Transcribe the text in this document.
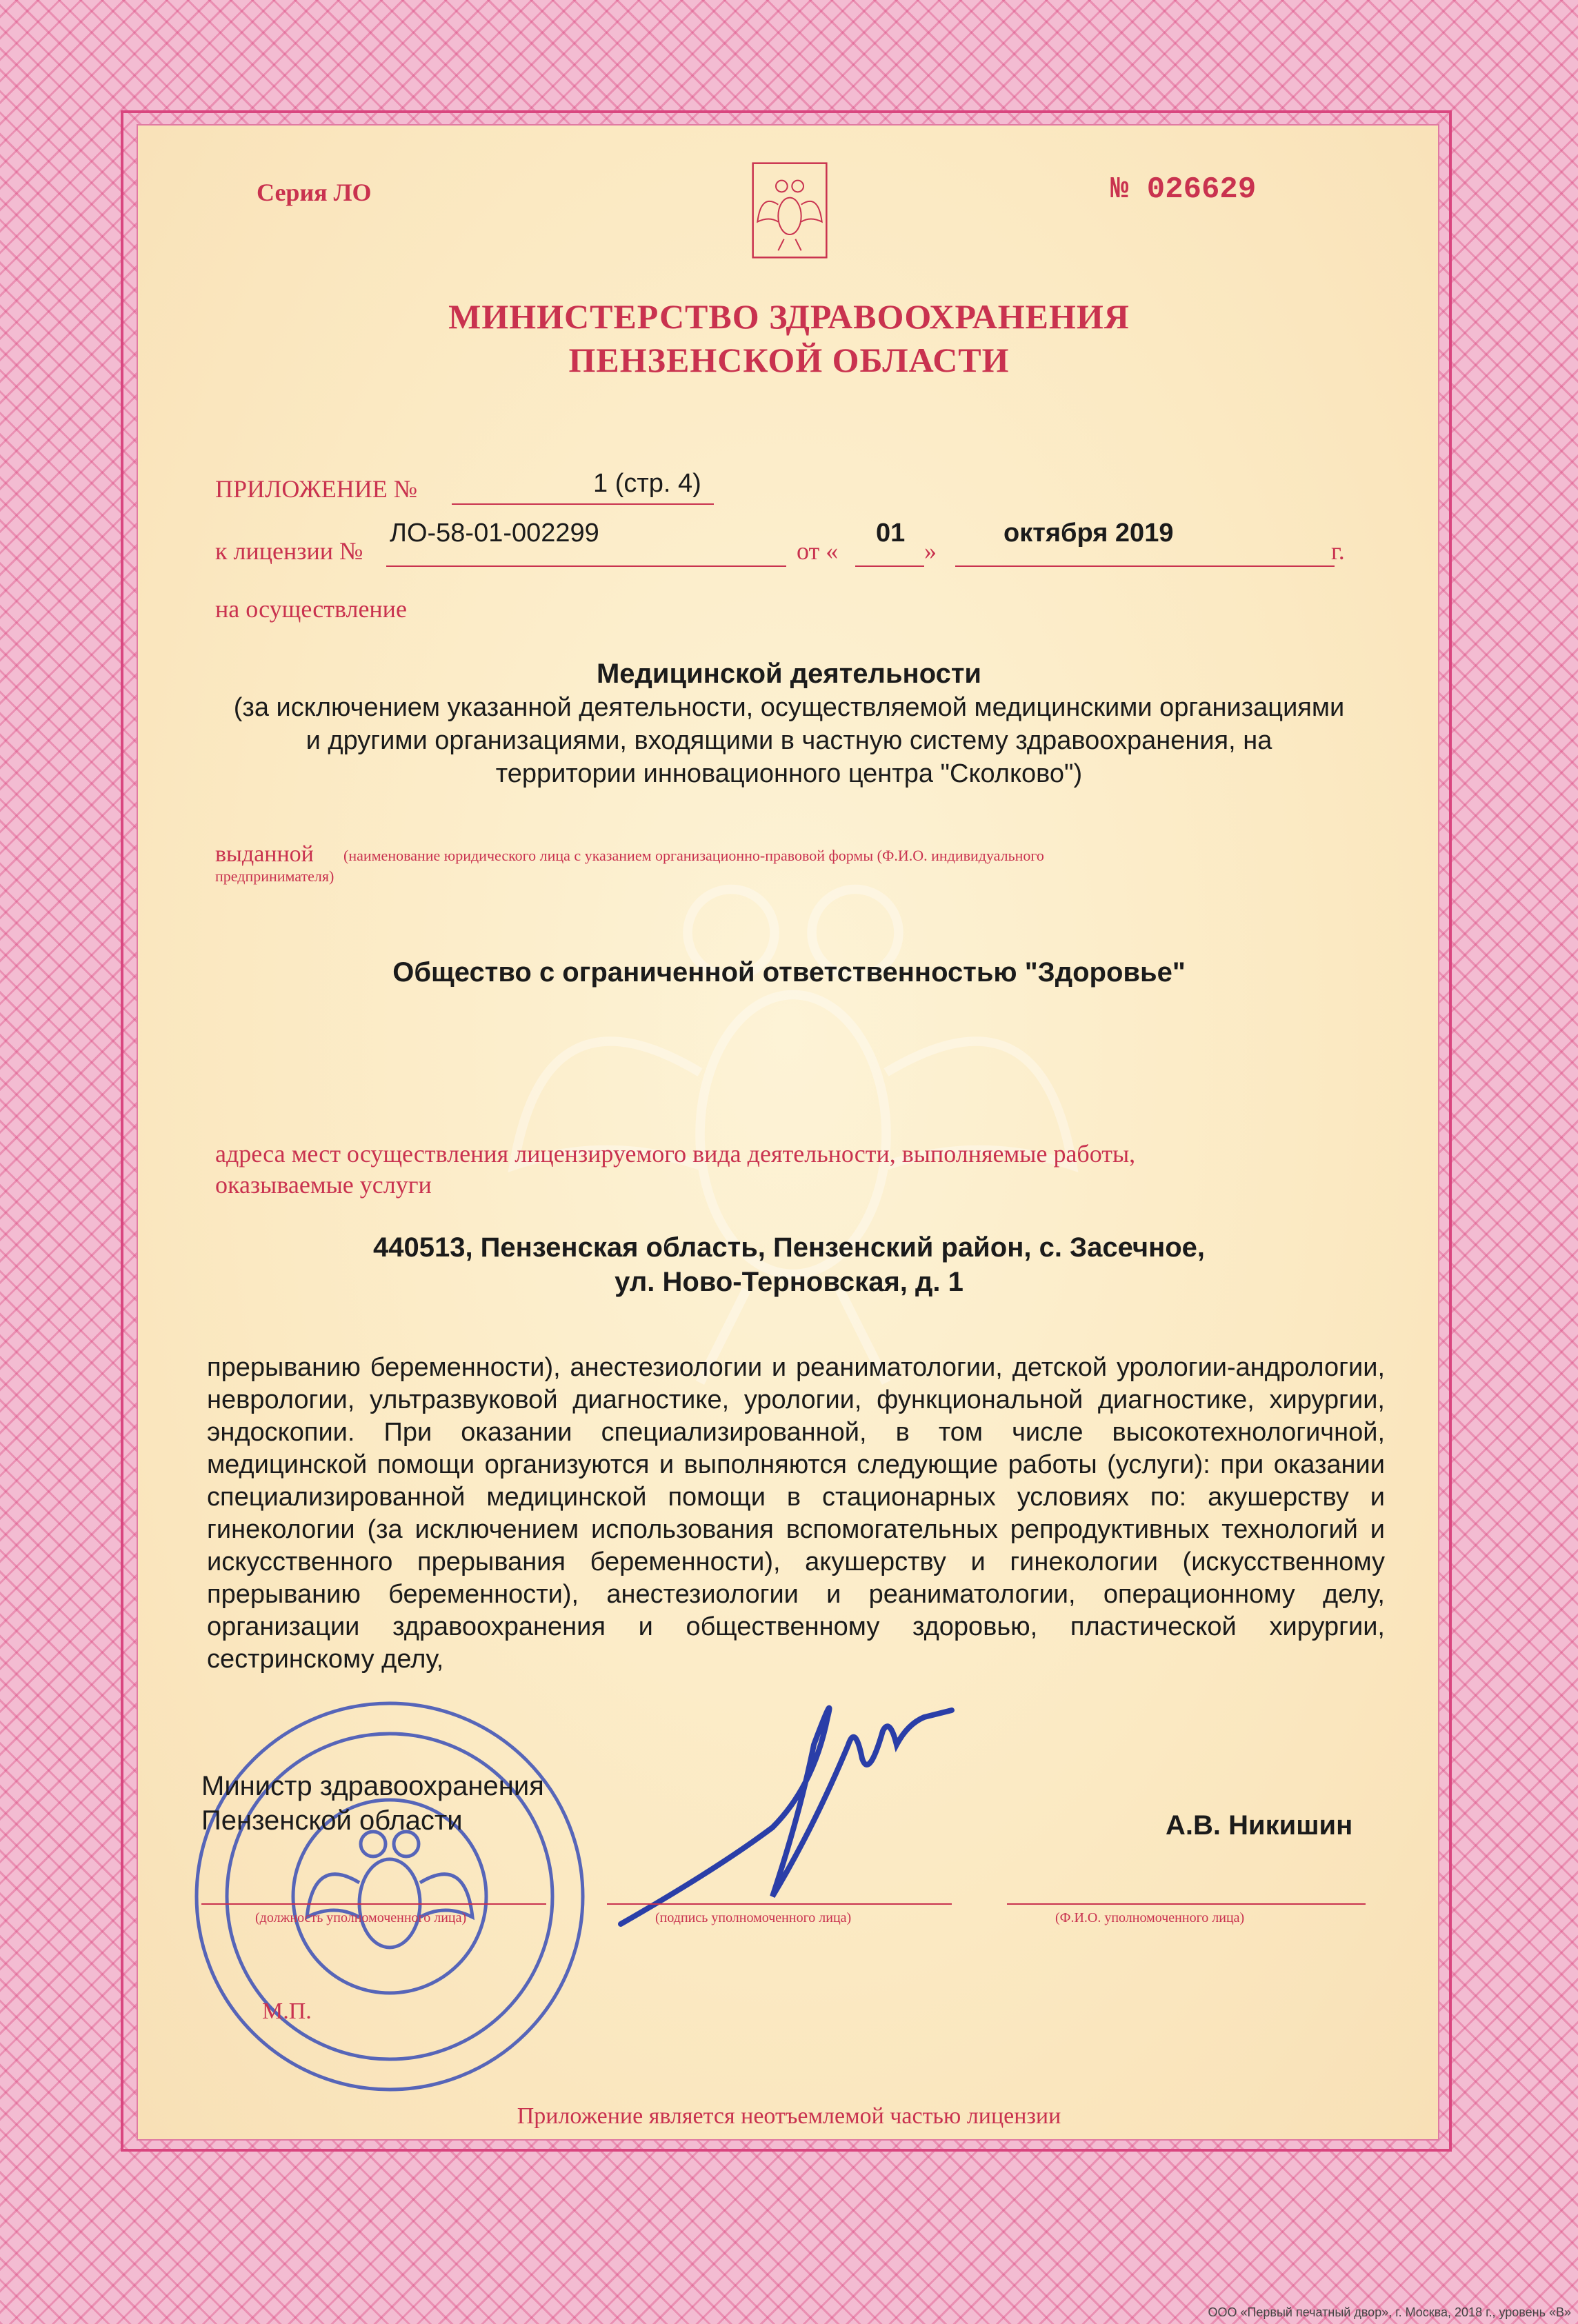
Серия ЛО	№ 026629
МИНИСТЕРСТВО ЗДРАВООХРАНЕНИЯ
ПЕНЗЕНСКОЙ ОБЛАСТИ
ПРИЛОЖЕНИЕ №	1 (стр. 4)
к лицензии №
ЛО-58-01-002299
от «
01
»
октября 2019
г.
на осуществление
Медицинской деятельности
(за исключением указанной деятельности, осуществляемой медицинскими организациями
и другими организациями, входящими в частную систему здравоохранения, на
территории инновационного центра "Сколково")
выданной (наименование юридического лица с указанием организационно-правовой формы (Ф.И.О. индивидуального
предпринимателя)
Общество с ограниченной ответственностью "Здоровье"
адреса мест осуществления лицензируемого вида деятельности, выполняемые работы,
оказываемые услуги
440513, Пензенская область, Пензенский район, с. Засечное,
ул. Ново-Терновская, д. 1
прерыванию беременности), анестезиологии и реаниматологии, детской урологии-андрологии, неврологии, ультразвуковой диагностике, урологии, функциональной диагностике, хирургии, эндоскопии. При оказании специализированной, в том числе высокотехнологичной, медицинской помощи организуются и выполняются следующие работы (услуги): при оказании специализированной медицинской помощи в стационарных условиях по: акушерству и гинекологии (за исключением использования вспомогательных репродуктивных технологий и искусственного прерывания беременности), акушерству и гинекологии (искусственному прерыванию беременности), анестезиологии и реаниматологии, операционному делу, организации здравоохранения и общественному здоровью, пластической хирургии, сестринскому делу,
Министр здравоохранения
Пензенской области	А.В. Никишин
(должность уполномоченного лица)	(подпись уполномоченного лица)	(Ф.И.О. уполномоченного лица)
М.П.
Приложение является неотъемлемой частью лицензии
ООО «Первый печатный двор», г. Москва, 2018 г., уровень «В»
